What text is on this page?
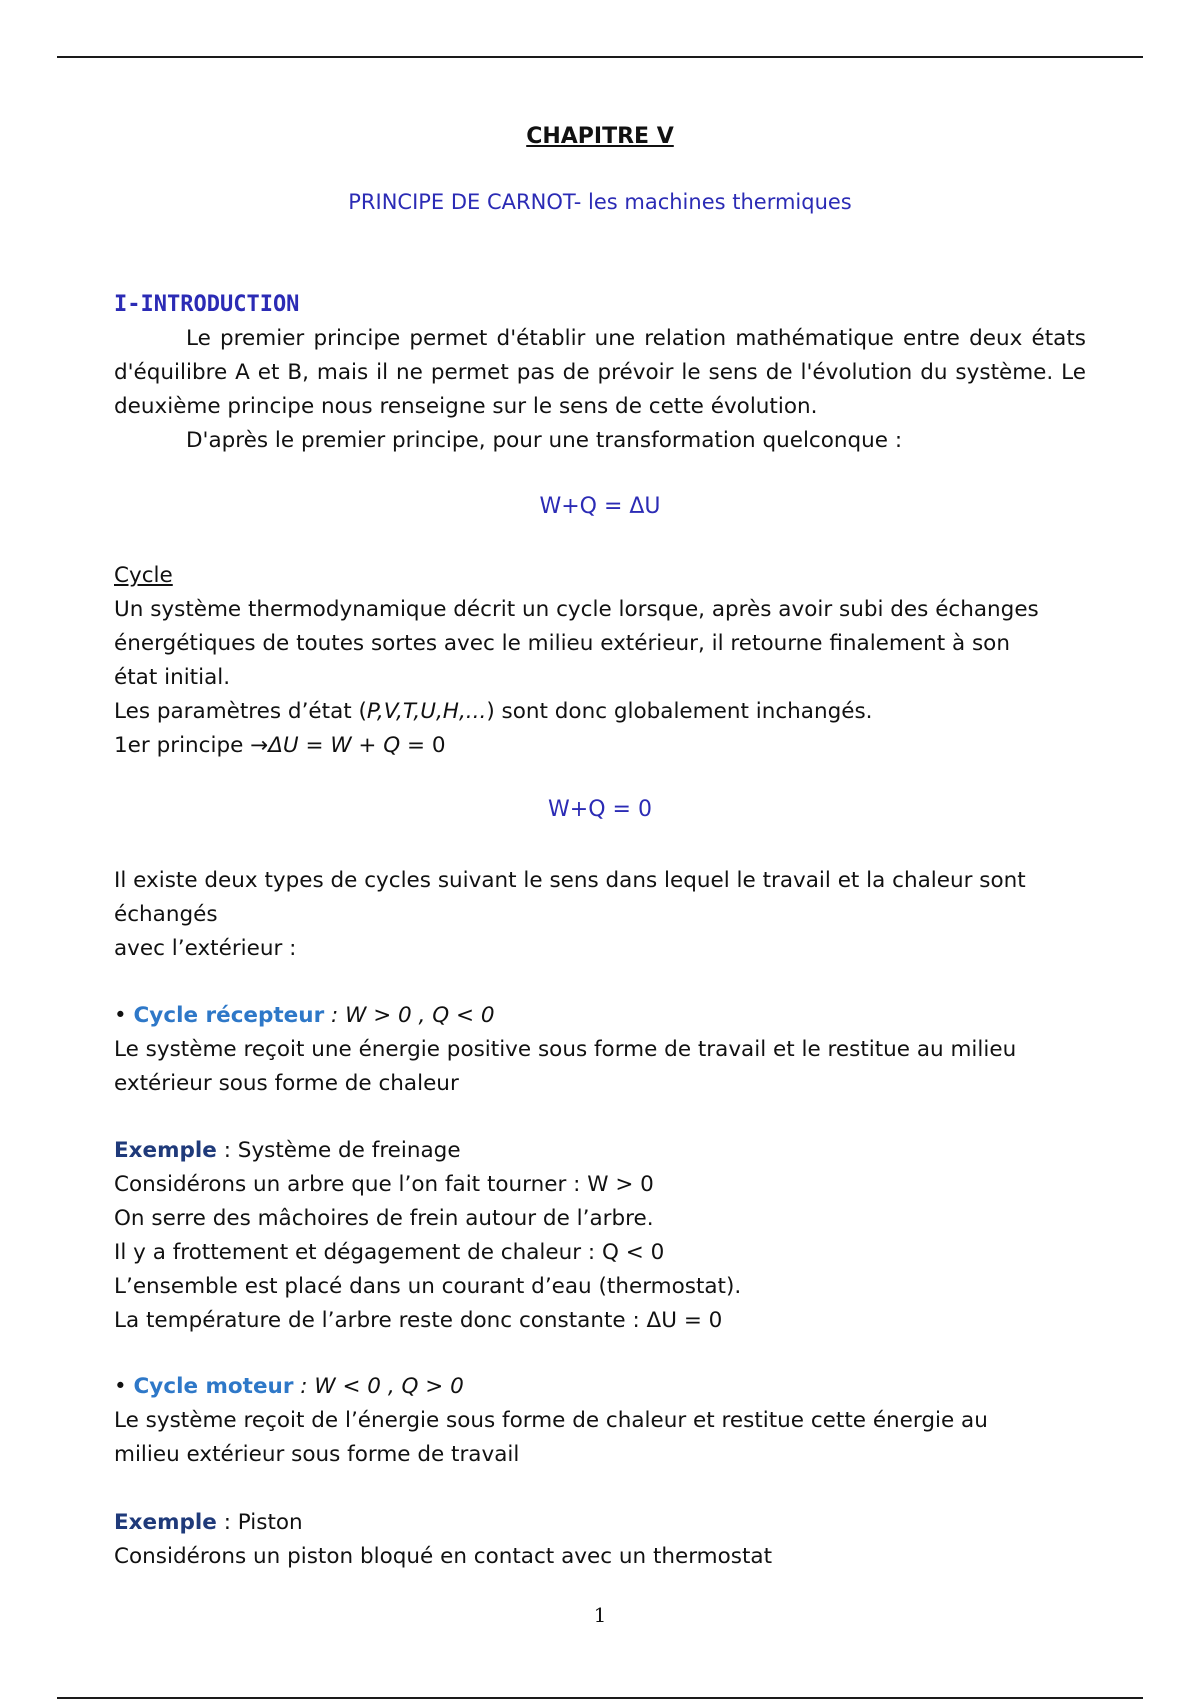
CHAPITRE V
PRINCIPE DE CARNOT- les machines thermiques
I-INTRODUCTION

Le premier principe permet d'établir une relation mathématique entre deux états d'équilibre A et B, mais il ne permet pas de prévoir le sens de l'évolution du système. Le deuxième principe nous renseigne sur le sens de cette évolution.

D'après le premier principe, pour une transformation quelconque :

W+Q = ΔU
Cycle
Un système thermodynamique décrit un cycle lorsque, après avoir subi des échanges
énergétiques de toutes sortes avec le milieu extérieur, il retourne finalement à son
état initial.
Les paramètres d’état (P,V,T,U,H,...) sont donc globalement inchangés.
1er principe →ΔU = W + Q = 0
W+Q = 0
Il existe deux types de cycles suivant le sens dans lequel le travail et la chaleur sont
échangés
avec l’extérieur :
• Cycle récepteur : W > 0 , Q < 0
Le système reçoit une énergie positive sous forme de travail et le restitue au milieu
extérieur sous forme de chaleur
Exemple : Système de freinage
Considérons un arbre que l’on fait tourner : W > 0
On serre des mâchoires de frein autour de l’arbre.
Il y a frottement et dégagement de chaleur : Q < 0
L’ensemble est placé dans un courant d’eau (thermostat).
La température de l’arbre reste donc constante : ΔU = 0
• Cycle moteur : W < 0 , Q > 0
Le système reçoit de l’énergie sous forme de chaleur et restitue cette énergie au
milieu extérieur sous forme de travail
Exemple : Piston
Considérons un piston bloqué en contact avec un thermostat
1
